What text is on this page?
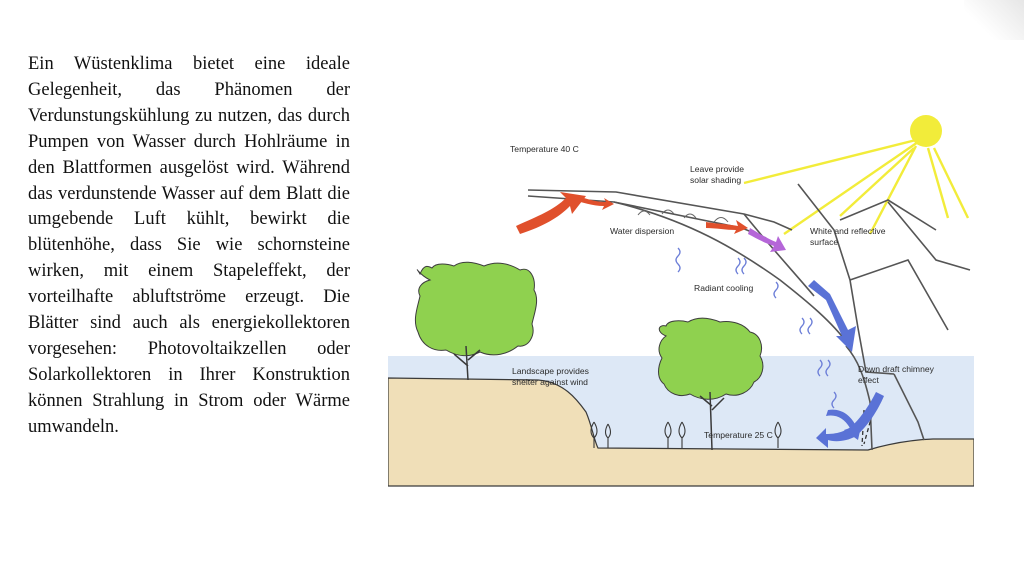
Ein Wüstenklima bietet eine ideale Gelegenheit, das Phänomen der Verdunstungskühlung zu nutzen, das durch Pumpen von Wasser durch Hohlräume in den Blattformen ausgelöst wird. Während das verdunstende Wasser auf dem Blatt die umgebende Luft kühlt, bewirkt die blütenhöhe, dass Sie wie schornsteine wirken, mit einem Stapeleffekt, der vorteilhafte abluftströme erzeugt. Die Blätter sind auch als energiekollektoren vorgesehen: Photovoltaikzellen oder Solarkollektoren in Ihrer Konstruktion können Strahlung in Strom oder Wärme umwandeln.
Temperature 40 C
Leave provide
solar shading
Water dispersion	White and reflective
surface
Radiant cooling
Landscape provides
shelter against wind
Down draft chimney
effect
Temperature 25 C
